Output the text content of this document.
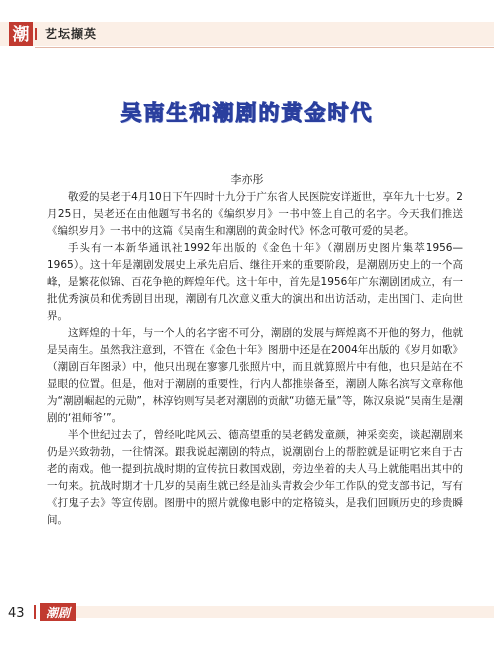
潮 艺坛撷英
吴南生和潮剧的黄金时代
李亦彤

敬爱的吴老于4月10日下午四时十九分于广东省人民医院安详逝世，享年九十七岁。2月25日，吴老还在由他题写书名的《编织岁月》一书中签上自己的名字。今天我们推送《编织岁月》一书中的这篇《吴南生和潮剧的黄金时代》怀念可敬可爱的吴老。

手头有一本新华通讯社1992年出版的《金色十年》（潮剧历史图片集萃1956—1965）。这十年是潮剧发展史上承先启后、继往开来的重要阶段，是潮剧历史上的一个高峰，是繁花似锦、百花争艳的辉煌年代。这十年中，首先是1956年广东潮剧团成立，有一批优秀演员和优秀剧目出现，潮剧有几次意义重大的演出和出访活动，走出国门、走向世界。

这辉煌的十年，与一个人的名字密不可分，潮剧的发展与辉煌离不开他的努力，他就是吴南生。虽然我注意到，不管在《金色十年》图册中还是在2004年出版的《岁月如歌》（潮剧百年图录）中，他只出现在寥寥几张照片中，而且就算照片中有他，也只是站在不显眼的位置。但是，他对于潮剧的重要性，行内人都推崇备至，潮剧人陈名滨写文章称他为“潮剧崛起的元勋”，林淳钧则写吴老对潮剧的贡献“功德无量”等，陈汉泉说“吴南生是潮剧的‘祖师爷’”。

半个世纪过去了，曾经叱咤风云、德高望重的吴老鹤发童颜，神采奕奕，谈起潮剧来仍是兴致勃勃，一往情深。跟我说起潮剧的特点，说潮剧台上的帮腔就是证明它来自于古老的南戏。他一提到抗战时期的宣传抗日救国戏剧，旁边坐着的夫人马上就能唱出其中的一句来。抗战时期才十几岁的吴南生就已经是汕头青救会少年工作队的党支部书记，写有《打鬼子去》等宣传剧。图册中的照片就像电影中的定格镜头，是我们回顾历史的珍贵瞬间。

43 潮剧
